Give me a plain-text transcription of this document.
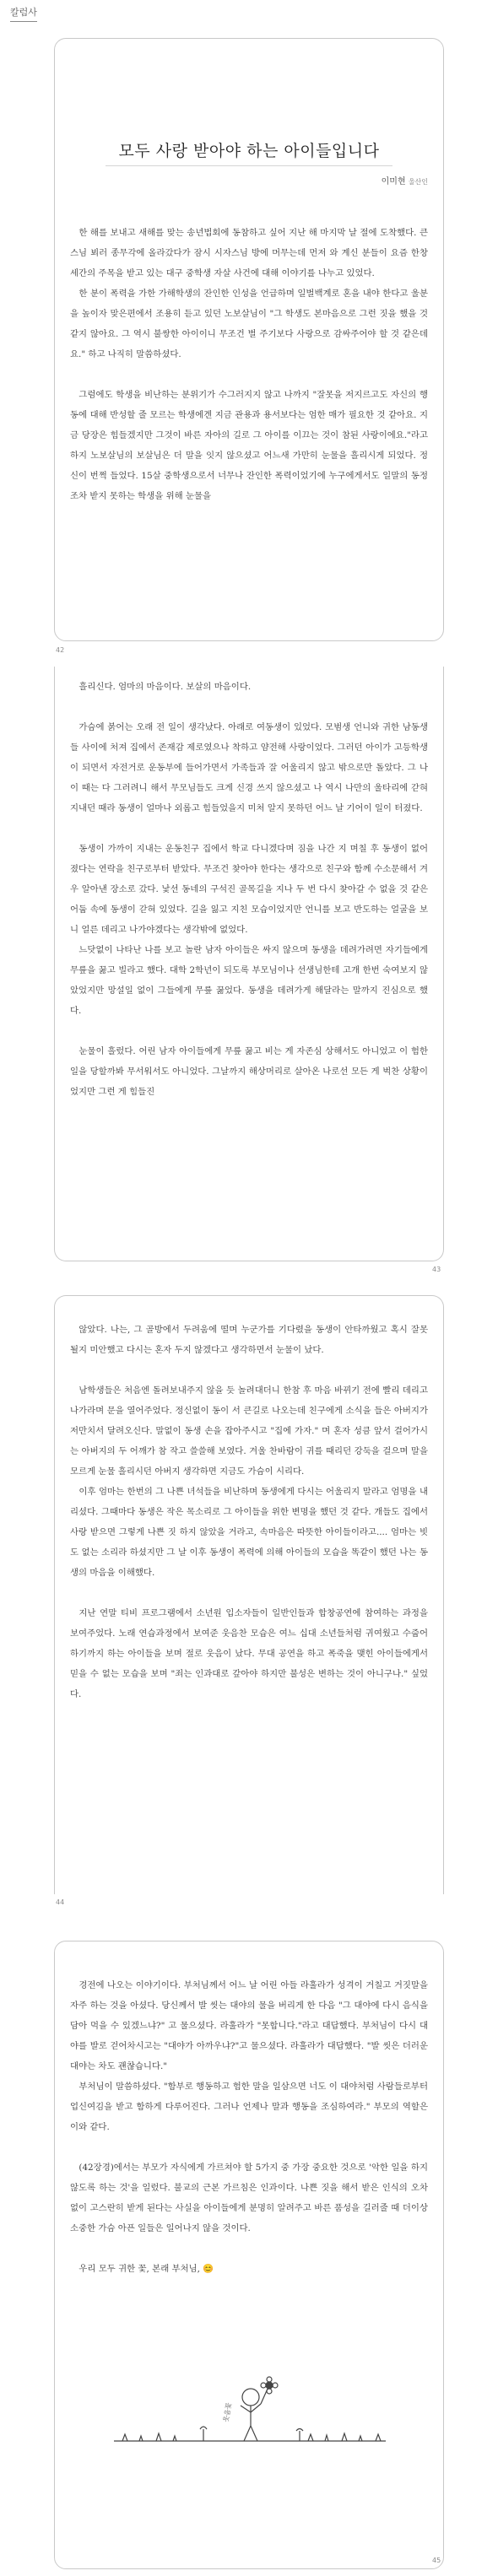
칼럼사
모두 사랑 받아야 하는 아이들입니다
이미현 울산인

한 해를 보내고 새해를 맞는 송년법회에 동참하고 싶어 지난 해 마지막 날 절에 도착했다. 큰스님 뵈러 종무각에 올라갔다가 잠시 시자스님 방에 머무는데 먼저 와 계신 분들이 요즘 한창 세간의 주목을 받고 있는 대구 중학생 자살 사건에 대해 이야기를 나누고 있었다.

한 분이 폭력을 가한 가해학생의 잔인한 인성을 언급하며 일벌백계로 혼을 내야 한다고 울분을 높이자 맞은편에서 조용히 듣고 있던 노보살님이 "그 학생도 본마음으로 그런 짓을 했을 것 같지 않아요. 그 역시 불쌍한 아이이니 무조건 벌 주기보다 사랑으로 감싸주어야 할 것 같은데요." 하고 나직히 말씀하셨다.

그럼에도 학생을 비난하는 분위기가 수그러지지 않고 나까지 "잘못을 저지르고도 자신의 행동에 대해 반성할 줄 모르는 학생에겐 지금 관용과 용서보다는 엄한 매가 필요한 것 같아요. 지금 당장은 힘들겠지만 그것이 바른 자아의 길로 그 아이를 이끄는 것이 참된 사랑이에요."라고 하지 노보살님의 보살님은 더 말을 잇지 않으셨고 어느새 가만히 눈물을 흘리시게 되었다. 정신이 번쩍 들었다. 15살 중학생으로서 너무나 잔인한 폭력이었기에 누구에게서도 일말의 동정조차 받지 못하는 학생을 위해 눈물을

42

흘리신다. 엄마의 마음이다. 보살의 마음이다.

가슴에 붉어는 오래 전 일이 생각났다. 아래로 여동생이 있었다. 모범생 언니와 귀한 남동생들 사이에 처져 집에서 존재감 제로였으나 착하고 얌전해 사랑이었다. 그러던 아이가 고등학생이 되면서 자전거로 운동부에 들어가면서 가족들과 잘 어울리지 않고 밖으로만 돌았다. 그 나이 때는 다 그러려니 해서 무모님들도 크게 신경 쓰지 않으셨고 나 역시 나만의 울타리에 갇혀 지내던 때라 동생이 얼마나 외롭고 힘들었을지 미처 알지 못하던 어느 날 기어이 일이 터졌다.

동생이 가까이 지내는 운동친구 집에서 학교 다니겠다며 짐을 나간 지 며칠 후 동생이 없어졌다는 연락을 친구로부터 받았다. 무조건 찾아야 한다는 생각으로 친구와 함께 수소문해서 겨우 알아낸 장소로 갔다. 낯선 동네의 구석진 골목길을 지나 두 번 다시 찾아갈 수 없을 것 같은 어둡 속에 동생이 갇혀 있었다. 길을 잃고 지친 모습이었지만 언니를 보고 반도하는 얼굴을 보니 얼른 데리고 나가야겠다는 생각밖에 없었다.

느닷없이 나타난 나를 보고 놀란 남자 아이들은 싸지 않으며 동생을 데려가려면 자기들에게 무릎을 꿇고 빌라고 했다. 대학 2학년이 되도록 부모님이나 선생님한테 고개 한번 숙여보지 않았었지만 망설일 없이 그들에게 무릎 꿇었다. 동생을 데려가게 해달라는 말까지 진심으로 했다.

눈물이 흘렀다. 어린 남자 아이들에게 무릎 꿇고 비는 게 자존심 상해서도 아니었고 이 험한 일을 당할까봐 무서워서도 아니었다. 그날까지 해상머리로 살아온 나로선 모든 게 벅찬 상황이었지만 그런 게 힘들진

43

않았다. 나는, 그 골방에서 두려움에 떨며 누군가를 기다렸을 동생이 안타까웠고 혹시 잘못될지 미안했고 다시는 혼자 두지 않겠다고 생각하면서 눈물이 났다.

남학생들은 처음엔 돌려보내주지 않을 듯 놀려대더니 한참 후 마음 바뀌기 전에 빨리 데리고 나가라며 문을 열어주었다. 정신없이 동이 서 큰길로 나오는데 친구에게 소식을 들은 아버지가 저만치서 달려오신다. 말없이 동생 손을 잡아주시고 "집에 가자." 며 혼자 성큼 앞서 걸어가시는 아버지의 두 어깨가 참 작고 쓸쓸해 보였다. 겨울 찬바람이 귀를 때리던 강둑을 걸으며 말을 모르게 눈물 흘리시던 아버지 생각하면 지금도 가슴이 시리다.

이후 엄마는 한번의 그 나쁜 녀석들을 비난하며 동생에게 다시는 어울리지 말라고 엄명을 내리셨다. 그때마다 동생은 작은 목소리로 그 아이들을 위한 변명을 했던 것 같다. 개들도 집에서 사랑 받으면 그렇게 나쁜 짓 하지 않았을 거라고, 속마음은 따뜻한 아이들이라고.... 엄마는 빗도 없는 소리라 하셨지만 그 날 이후 동생이 폭력에 의해 아이들의 모습을 똑같이 했던 나는 동생의 마음을 이해했다.

지난 연말 티비 프로그램에서 소년원 입소자들이 일반인들과 합창공연에 참여하는 과정을 보여주었다. 노래 연습과정에서 보여준 웃음찬 모습은 여느 십대 소년들처럼 귀여웠고 수줍어하기까지 하는 아이들을 보며 절로 웃음이 났다. 무대 공연을 하고 폭죽을 맺힌 아이들에게서 믿을 수 없는 모습을 보며 "죄는 인과대로 갚아야 하지만 불성은 변하는 것이 아니구나." 싶었다.

44

경전에 나오는 이야기이다. 부처님께서 어느 날 어린 아들 라훌라가 성격이 거칠고 거짓말을 자주 하는 것을 아셨다. 당신께서 발 씻는 대야의 물을 버리게 한 다음 "그 대야에 다시 음식을 담아 먹을 수 있겠느냐?" 고 물으셨다. 라훌라가 "못합니다."라고 대답했다. 부처님이 다시 대야를 발로 걷어차시고는 "대야가 아까우냐?"고 물으셨다. 라훌라가 대답했다. "발 씻은 더러운 대야는 차도 괜찮습니다."

부처님이 말씀하셨다. "함부로 행동하고 험한 말을 일삼으면 너도 이 대야처럼 사람들로부터 업신여김을 받고 함하게 다루어진다. 그러나 언제나 말과 행동을 조심하여라." 부모의 역할은 이와 같다.

(42장경)에서는 부모가 자식에게 가르쳐야 할 5가지 중 가장 중요한 것으로 '악한 일을 하지 않도록 하는 것'을 일렀다. 불교의 근본 가르침은 인과이다. 나쁜 짓을 해서 받은 인식의 오차 없이 고스란히 받게 된다는 사실을 아이들에게 분명히 알려주고 바른 품성을 길러줄 때 더이상 소중한 가슴 아픈 일들은 일어나지 않을 것이다.

우리 모두 귀한 꽃, 본래 부처님, 😊

웃음꽃
45
